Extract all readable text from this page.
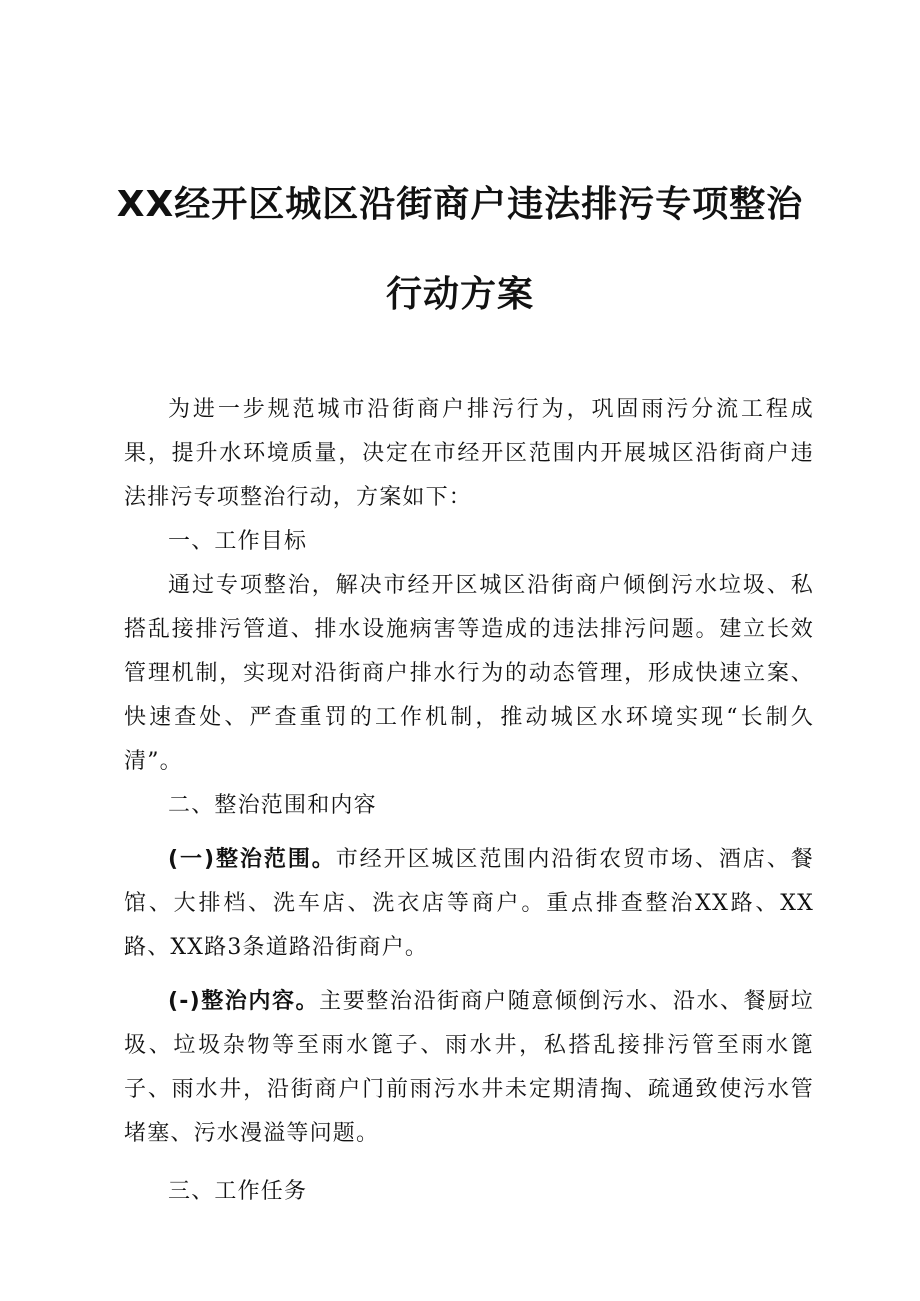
XX经开区城区沿街商户违法排污专项整治
行动方案

为进一步规范城市沿街商户排污行为，巩固雨污分流工程成果，提升水环境质量，决定在市经开区范围内开展城区沿街商户违法排污专项整治行动，方案如下：

一、工作目标

通过专项整治，解决市经开区城区沿街商户倾倒污水垃圾、私搭乱接排污管道、排水设施病害等造成的违法排污问题。建立长效管理机制，实现对沿街商户排水行为的动态管理，形成快速立案、快速查处、严查重罚的工作机制，推动城区水环境实现“长制久清”。

二、整治范围和内容

(一)整治范围。市经开区城区范围内沿街农贸市场、酒店、餐馆、大排档、洗车店、洗衣店等商户。重点排查整治XX路、XX路、XX路3条道路沿街商户。

(-)整治内容。主要整治沿街商户随意倾倒污水、沿水、餐厨垃圾、垃圾杂物等至雨水篦子、雨水井，私搭乱接排污管至雨水篦子、雨水井，沿街商户门前雨污水井未定期清掏、疏通致使污水管堵塞、污水漫溢等问题。

三、工作任务
